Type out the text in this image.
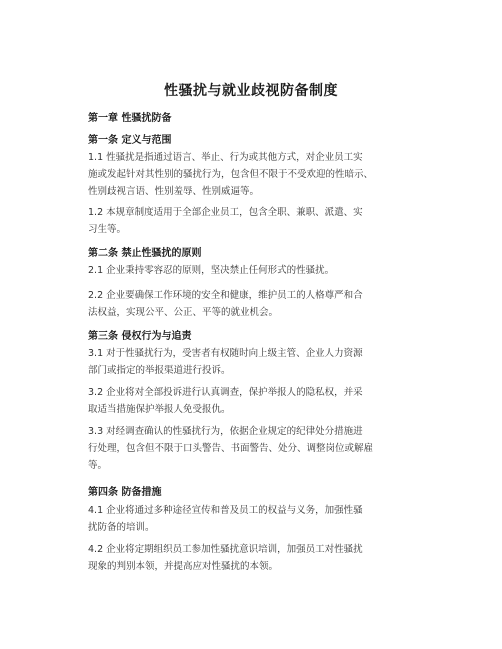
性骚扰与就业歧视防备制度
第一章 性骚扰防备
第一条 定义与范围
1.1 性骚扰是指通过语言、举止、行为或其他方式，对企业员工实
施或发起针对其性别的骚扰行为，包含但不限于不受欢迎的性暗示、
性别歧视言语、性别羞辱、性别威逼等。
1.2 本规章制度适用于全部企业员工，包含全职、兼职、派遣、实
习生等。
第二条 禁止性骚扰的原则
2.1 企业秉持零容忍的原则，坚决禁止任何形式的性骚扰。
2.2 企业要确保工作环境的安全和健康，维护员工的人格尊严和合
法权益，实现公平、公正、平等的就业机会。
第三条 侵权行为与追责
3.1 对于性骚扰行为，受害者有权随时向上级主管、企业人力资源
部门或指定的举报渠道进行投诉。
3.2 企业将对全部投诉进行认真调查，保护举报人的隐私权，并采
取适当措施保护举报人免受报仇。
3.3 对经调查确认的性骚扰行为，依据企业规定的纪律处分措施进
行处理，包含但不限于口头警告、书面警告、处分、调整岗位或解雇
等。
第四条 防备措施
4.1 企业将通过多种途径宣传和普及员工的权益与义务，加强性骚
扰防备的培训。
4.2 企业将定期组织员工参加性骚扰意识培训，加强员工对性骚扰
现象的判别本领，并提高应对性骚扰的本领。
